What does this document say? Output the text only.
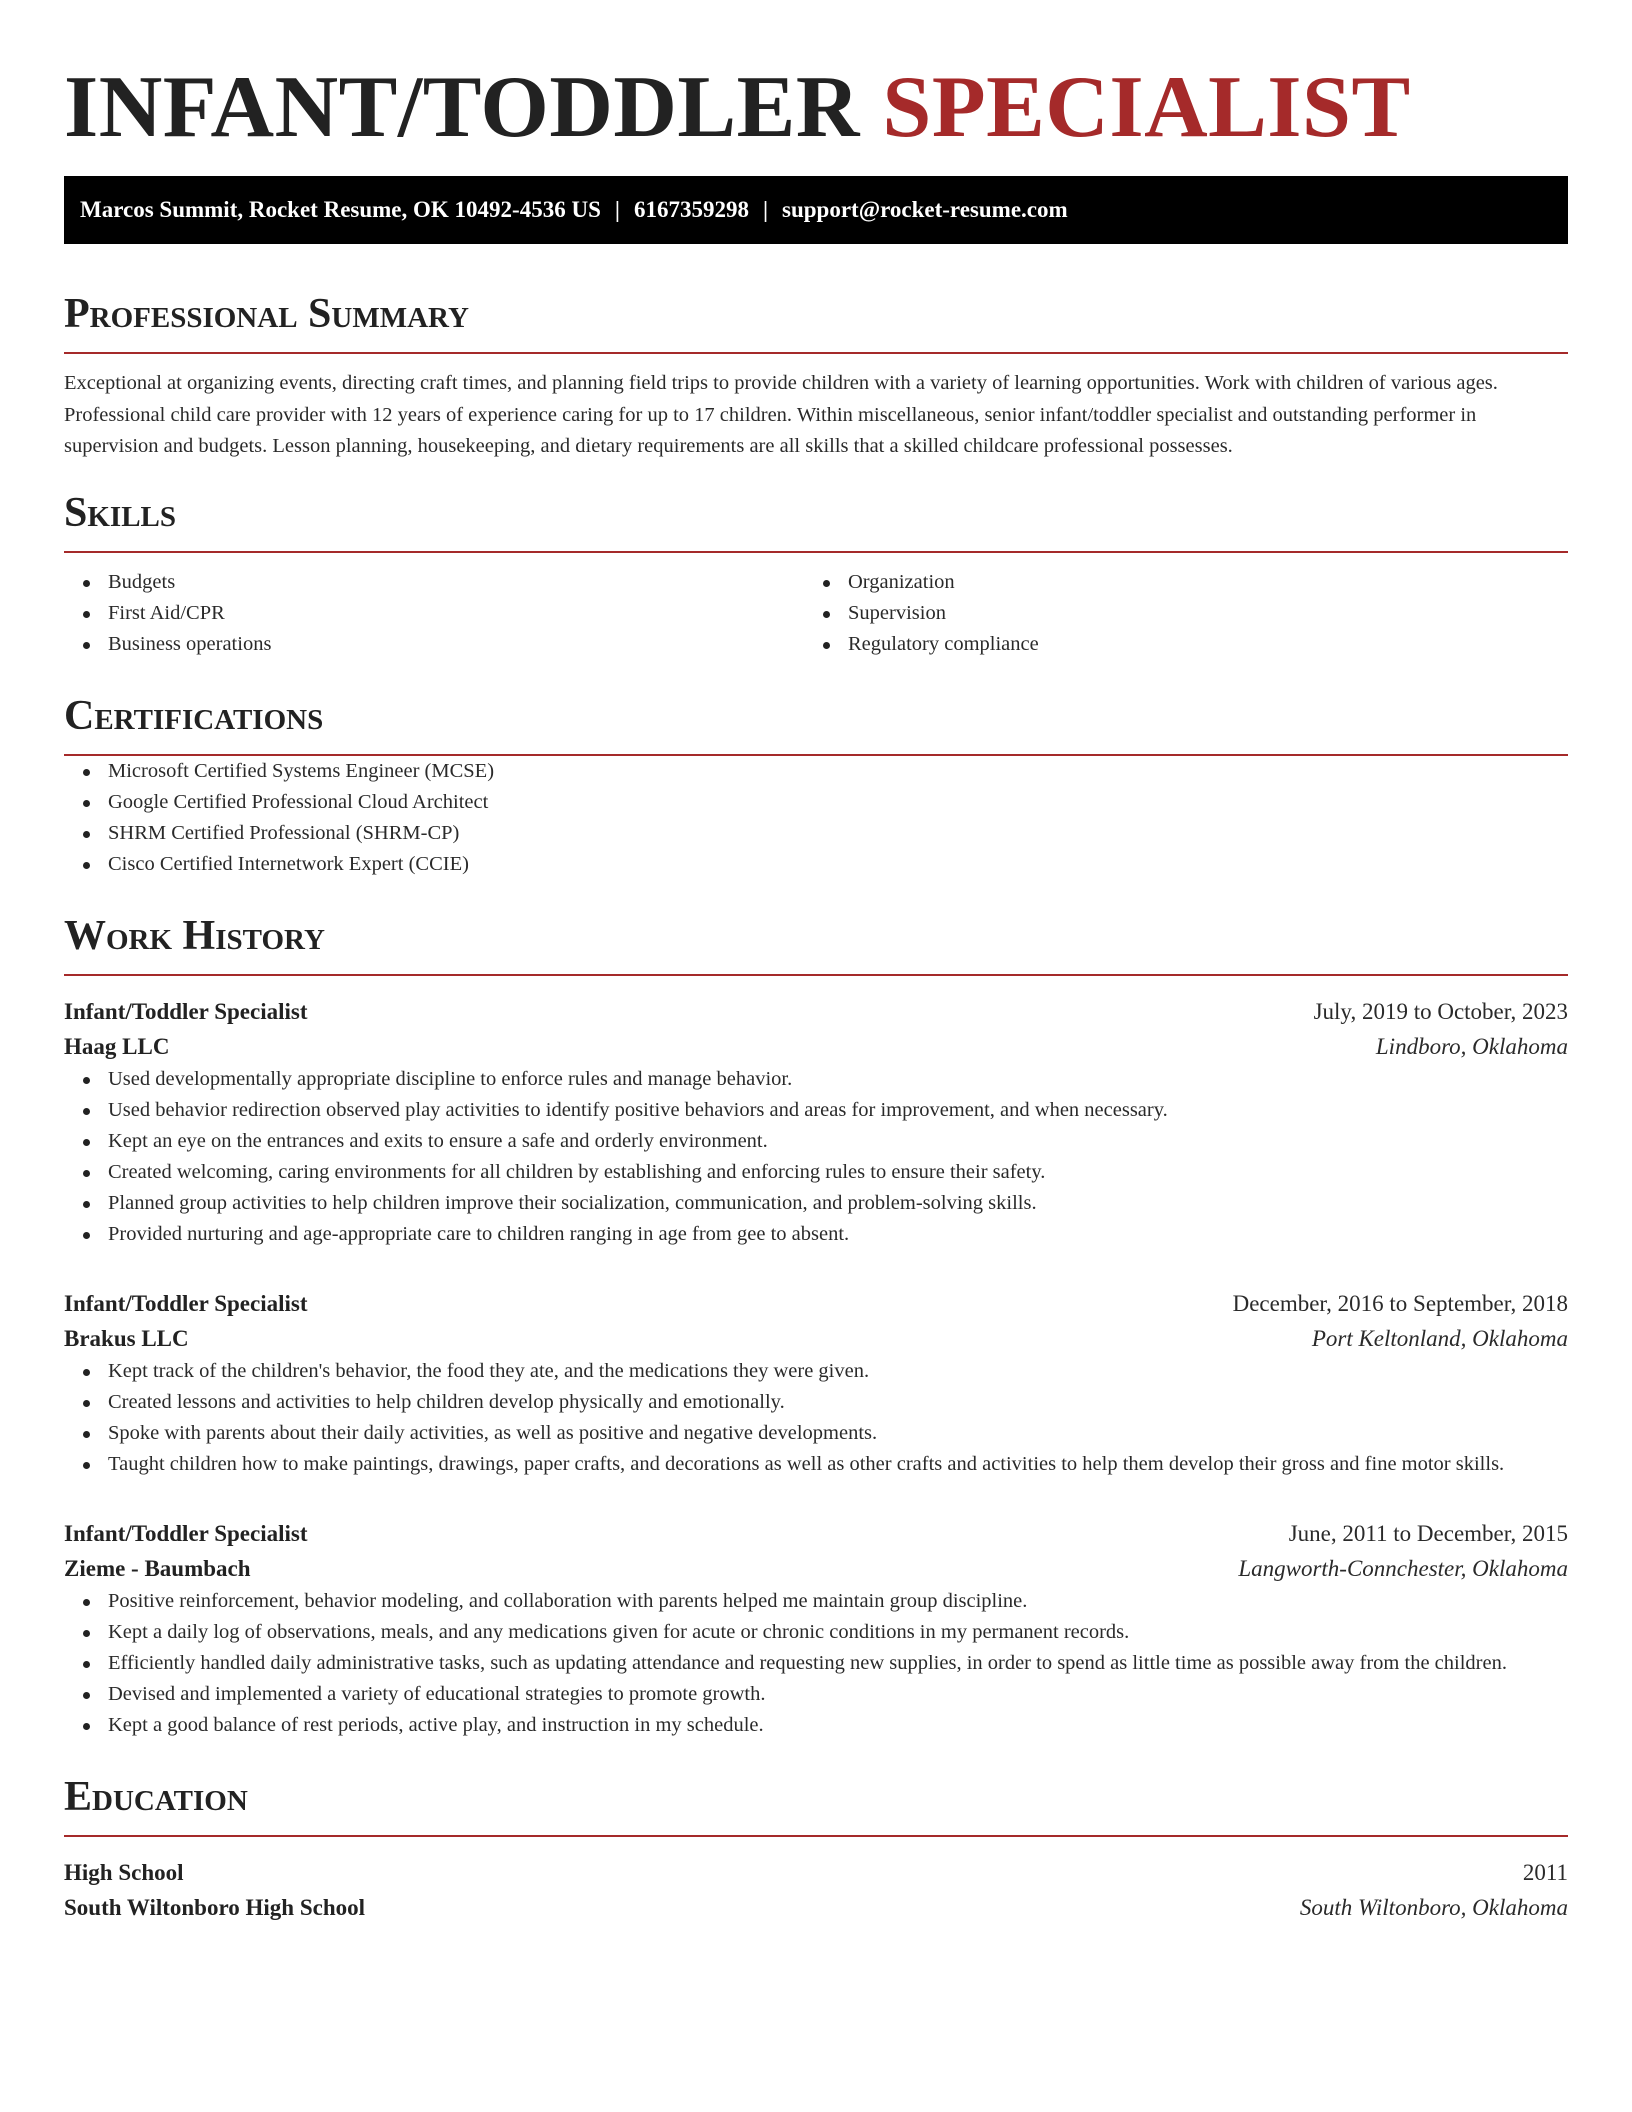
INFANT/TODDLER SPECIALIST
Marcos Summit, Rocket Resume, OK 10492-4536 US | 6167359298 | support@rocket-resume.com
Professional Summary

Exceptional at organizing events, directing craft times, and planning field trips to provide children with a variety of learning opportunities. Work with children of various ages. Professional child care provider with 12 years of experience caring for up to 17 children. Within miscellaneous, senior infant/toddler specialist and outstanding performer in supervision and budgets. Lesson planning, housekeeping, and dietary requirements are all skills that a skilled childcare professional possesses.

Skills
Budgets
First Aid/CPR
Business operations
Organization
Supervision
Regulatory compliance
Certifications
Microsoft Certified Systems Engineer (MCSE)
Google Certified Professional Cloud Architect
SHRM Certified Professional (SHRM-CP)
Cisco Certified Internetwork Expert (CCIE)
Work History
Infant/Toddler Specialist	July, 2019 to October, 2023
Haag LLC	Lindboro, Oklahoma
Used developmentally appropriate discipline to enforce rules and manage behavior.
Used behavior redirection observed play activities to identify positive behaviors and areas for improvement, and when necessary.
Kept an eye on the entrances and exits to ensure a safe and orderly environment.
Created welcoming, caring environments for all children by establishing and enforcing rules to ensure their safety.
Planned group activities to help children improve their socialization, communication, and problem-solving skills.
Provided nurturing and age-appropriate care to children ranging in age from gee to absent.
Infant/Toddler Specialist	December, 2016 to September, 2018
Brakus LLC	Port Keltonland, Oklahoma
Kept track of the children's behavior, the food they ate, and the medications they were given.
Created lessons and activities to help children develop physically and emotionally.
Spoke with parents about their daily activities, as well as positive and negative developments.
Taught children how to make paintings, drawings, paper crafts, and decorations as well as other crafts and activities to help them develop their gross and fine motor skills.
Infant/Toddler Specialist	June, 2011 to December, 2015
Zieme - Baumbach	Langworth-Connchester, Oklahoma
Positive reinforcement, behavior modeling, and collaboration with parents helped me maintain group discipline.
Kept a daily log of observations, meals, and any medications given for acute or chronic conditions in my permanent records.
Efficiently handled daily administrative tasks, such as updating attendance and requesting new supplies, in order to spend as little time as possible away from the children.
Devised and implemented a variety of educational strategies to promote growth.
Kept a good balance of rest periods, active play, and instruction in my schedule.
Education
High School	2011
South Wiltonboro High School	South Wiltonboro, Oklahoma
